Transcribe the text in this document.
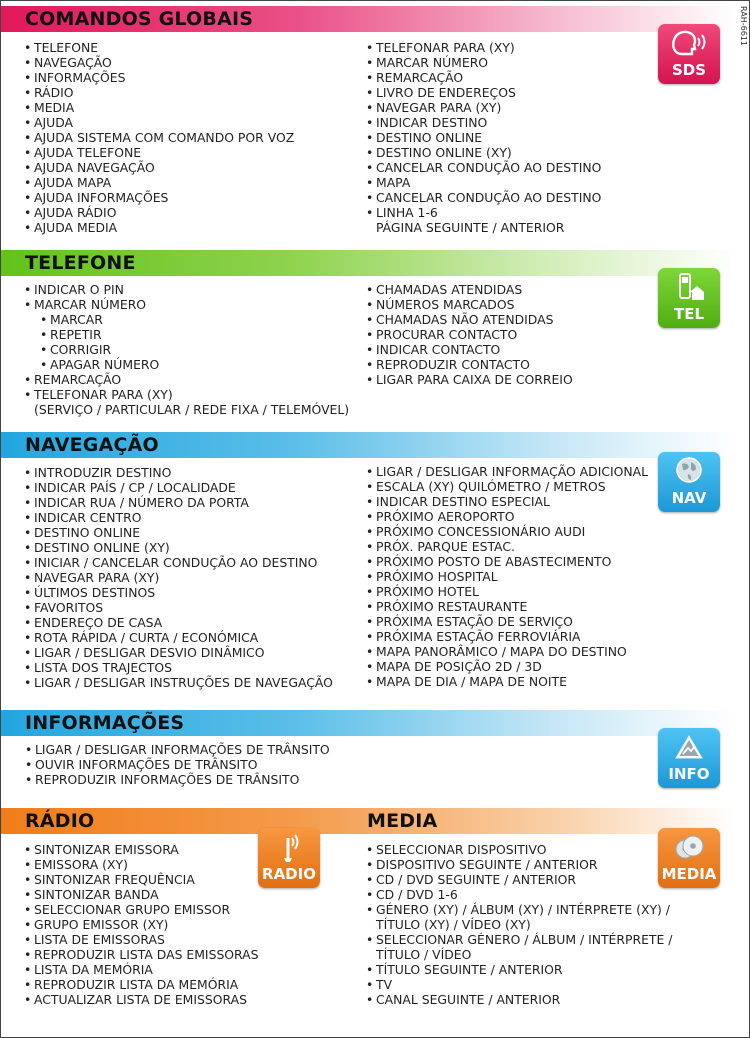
RAH-6611
COMANDOS GLOBAIS
• TELEFONE
• NAVEGAÇÃO
• INFORMAÇÕES
• RÁDIO
• MEDIA
• AJUDA
• AJUDA SISTEMA COM COMANDO POR VOZ
• AJUDA TELEFONE
• AJUDA NAVEGAÇÃO
• AJUDA MAPA
• AJUDA INFORMAÇÕES
• AJUDA RÁDIO
• AJUDA MEDIA
• TELEFONAR PARA (XY)
• MARCAR NÚMERO
• REMARCAÇÃO
• LIVRO DE ENDEREÇOS
• NAVEGAR PARA (XY)
• INDICAR DESTINO
• DESTINO ONLINE
• DESTINO ONLINE (XY)
• CANCELAR CONDUÇÃO AO DESTINO
• MAPA
• CANCELAR CONDUÇÃO AO DESTINO
• LINHA 1-6
PÁGINA SEGUINTE / ANTERIOR
SDS
TELEFONE
• INDICAR O PIN
• MARCAR NÚMERO
• MARCAR
• REPETIR
• CORRIGIR
• APAGAR NÚMERO
• REMARCAÇÃO
• TELEFONAR PARA (XY)
(SERVIÇO / PARTICULAR / REDE FIXA / TELEMÓVEL)
• CHAMADAS ATENDIDAS
• NÚMEROS MARCADOS
• CHAMADAS NÃO ATENDIDAS
• PROCURAR CONTACTO
• INDICAR CONTACTO
• REPRODUZIR CONTACTO
• LIGAR PARA CAIXA DE CORREIO
TEL
NAVEGAÇÃO
• INTRODUZIR DESTINO
• INDICAR PAÍS / CP / LOCALIDADE
• INDICAR RUA / NÚMERO DA PORTA
• INDICAR CENTRO
• DESTINO ONLINE
• DESTINO ONLINE (XY)
• INICIAR / CANCELAR CONDUÇÃO AO DESTINO
• NAVEGAR PARA (XY)
• ÚLTIMOS DESTINOS
• FAVORITOS
• ENDEREÇO DE CASA
• ROTA RÁPIDA / CURTA / ECONÓMICA
• LIGAR / DESLIGAR DESVIO DINÂMICO
• LISTA DOS TRAJECTOS
• LIGAR / DESLIGAR INSTRUÇÕES DE NAVEGAÇÃO
• LIGAR / DESLIGAR INFORMAÇÃO ADICIONAL
• ESCALA (XY) QUILÓMETRO / METROS
• INDICAR DESTINO ESPECIAL
• PRÓXIMO AEROPORTO
• PRÓXIMO CONCESSIONÁRIO AUDI
• PRÓX. PARQUE ESTAC.
• PRÓXIMO POSTO DE ABASTECIMENTO
• PRÓXIMO HOSPITAL
• PRÓXIMO HOTEL
• PRÓXIMO RESTAURANTE
• PRÓXIMA ESTAÇÃO DE SERVIÇO
• PRÓXIMA ESTAÇÃO FERROVIÁRIA
• MAPA PANORÂMICO / MAPA DO DESTINO
• MAPA DE POSIÇÃO 2D / 3D
• MAPA DE DIA / MAPA DE NOITE
NAV
INFORMAÇÕES
• LIGAR / DESLIGAR INFORMAÇÕES DE TRÂNSITO
• OUVIR INFORMAÇÕES DE TRÂNSITO
• REPRODUZIR INFORMAÇÕES DE TRÂNSITO	INFO
RÁDIO	MEDIA
• SINTONIZAR EMISSORA
• EMISSORA (XY)
• SINTONIZAR FREQUÊNCIA
• SINTONIZAR BANDA
• SELECCIONAR GRUPO EMISSOR
• GRUPO EMISSOR (XY)
• LISTA DE EMISSORAS
• REPRODUZIR LISTA DAS EMISSORAS
• LISTA DA MEMÓRIA
• REPRODUZIR LISTA DA MEMÓRIA
• ACTUALIZAR LISTA DE EMISSORAS
RADIO
• SELECCIONAR DISPOSITIVO
• DISPOSITIVO SEGUINTE / ANTERIOR
• CD / DVD SEGUINTE / ANTERIOR
• CD / DVD 1-6
• GÉNERO (XY) / ÁLBUM (XY) / INTÉRPRETE (XY) /
TÍTULO (XY) / VÍDEO (XY)
• SELECCIONAR GÉNERO / ÁLBUM / INTÉRPRETE /
TÍTULO / VÍDEO
• TÍTULO SEGUINTE / ANTERIOR
• TV
• CANAL SEGUINTE / ANTERIOR
MEDIA
